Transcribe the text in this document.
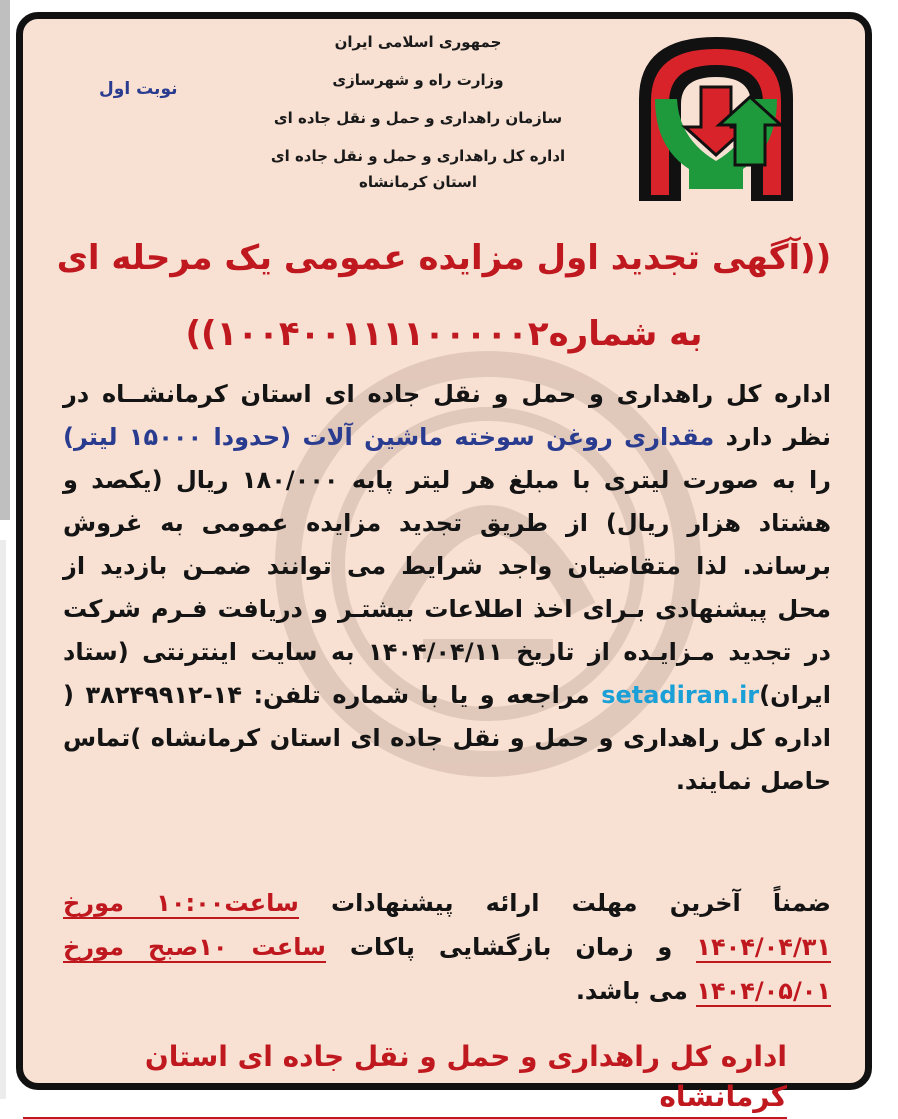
جمهوری اسلامی ایران
وزارت راه و شهرسازی
سازمان راهداری و حمل و نقل جاده ای
اداره کل راهداری و حمل و نقل جاده ای
استان کرمانشاه
نوبت اول
((آگهی تجدید اول مزایده عمومی یک مرحله ای
به شماره۱۰۰۴۰۰۱۱۱۱۰۰۰۰۰۲))
اداره کل راهداری و حمل و نقل جاده ای استان کرمانشــاه در نظر دارد مقداری روغن سوخته ماشین آلات (حدودا ۱۵۰۰۰ لیتر) را به صورت لیتری با مبلغ هر لیتر پایه ۱۸۰/۰۰۰ ریال (یکصد و هشتاد هزار ریال) از طریق تجدید مزایده عمومی به غروش برساند. لذا متقاضیان واجد شرایط می توانند ضمـن بازدید از محل پیشنهادی بـرای اخذ اطلاعات بیشتـر و دریافت فـرم شرکت در تجدید مـزایـده از تاریخ ۱۴۰۴/۰۴/۱۱ به سایت اینترنتی (ستاد ایران)setadiran.ir مراجعه و یا با شماره تلفن: ۱۴-۳۸۲۴۹۹۱۲ ( اداره کل راهداری و حمل و نقل جاده ای استان کرمانشاه )تماس حاصل نمایند.
ضمناً آخرین مهلت ارائه پیشنهادات ساعت۱۰:۰۰ مورخ ۱۴۰۴/۰۴/۳۱ و زمان بازگشایی پاکات ساعت ۱۰صبح مورخ ۱۴۰۴/۰۵/۰۱ می باشد.
اداره کل راهداری و حمل و نقل جاده ای استان کرمانشاه
